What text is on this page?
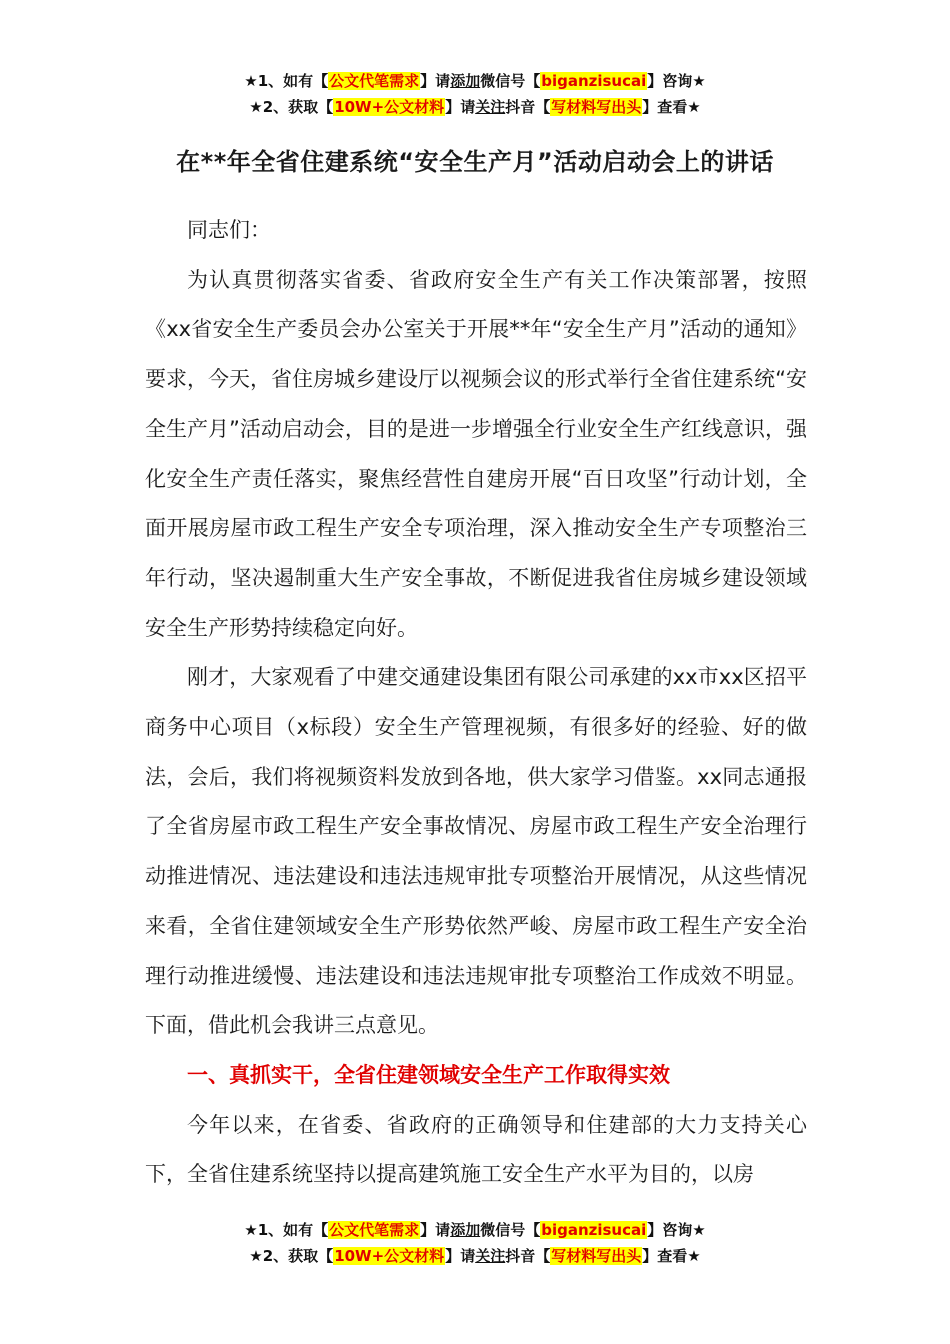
★1、如有【公文代笔需求】请添加微信号【biganzisucai】咨询★
★2、获取【10W+公文材料】请关注抖音【写材料写出头】查看★
在**年全省住建系统“安全生产月”活动启动会上的讲话

同志们：

为认真贯彻落实省委、省政府安全生产有关工作决策部署，按照《xx省安全生产委员会办公室关于开展**年“安全生产月”活动的通知》要求，今天，省住房城乡建设厅以视频会议的形式举行全省住建系统“安全生产月”活动启动会，目的是进一步增强全行业安全生产红线意识，强化安全生产责任落实，聚焦经营性自建房开展“百日攻坚”行动计划，全面开展房屋市政工程生产安全专项治理，深入推动安全生产专项整治三年行动，坚决遏制重大生产安全事故，不断促进我省住房城乡建设领域安全生产形势持续稳定向好。

刚才，大家观看了中建交通建设集团有限公司承建的xx市xx区招平商务中心项目（x标段）安全生产管理视频，有很多好的经验、好的做法，会后，我们将视频资料发放到各地，供大家学习借鉴。xx同志通报了全省房屋市政工程生产安全事故情况、房屋市政工程生产安全治理行动推进情况、违法建设和违法违规审批专项整治开展情况，从这些情况来看，全省住建领域安全生产形势依然严峻、房屋市政工程生产安全治理行动推进缓慢、违法建设和违法违规审批专项整治工作成效不明显。下面，借此机会我讲三点意见。

一、真抓实干，全省住建领域安全生产工作取得实效

今年以来，在省委、省政府的正确领导和住建部的大力支持关心下，全省住建系统坚持以提高建筑施工安全生产水平为目的，以房

★1、如有【公文代笔需求】请添加微信号【biganzisucai】咨询★
★2、获取【10W+公文材料】请关注抖音【写材料写出头】查看★
